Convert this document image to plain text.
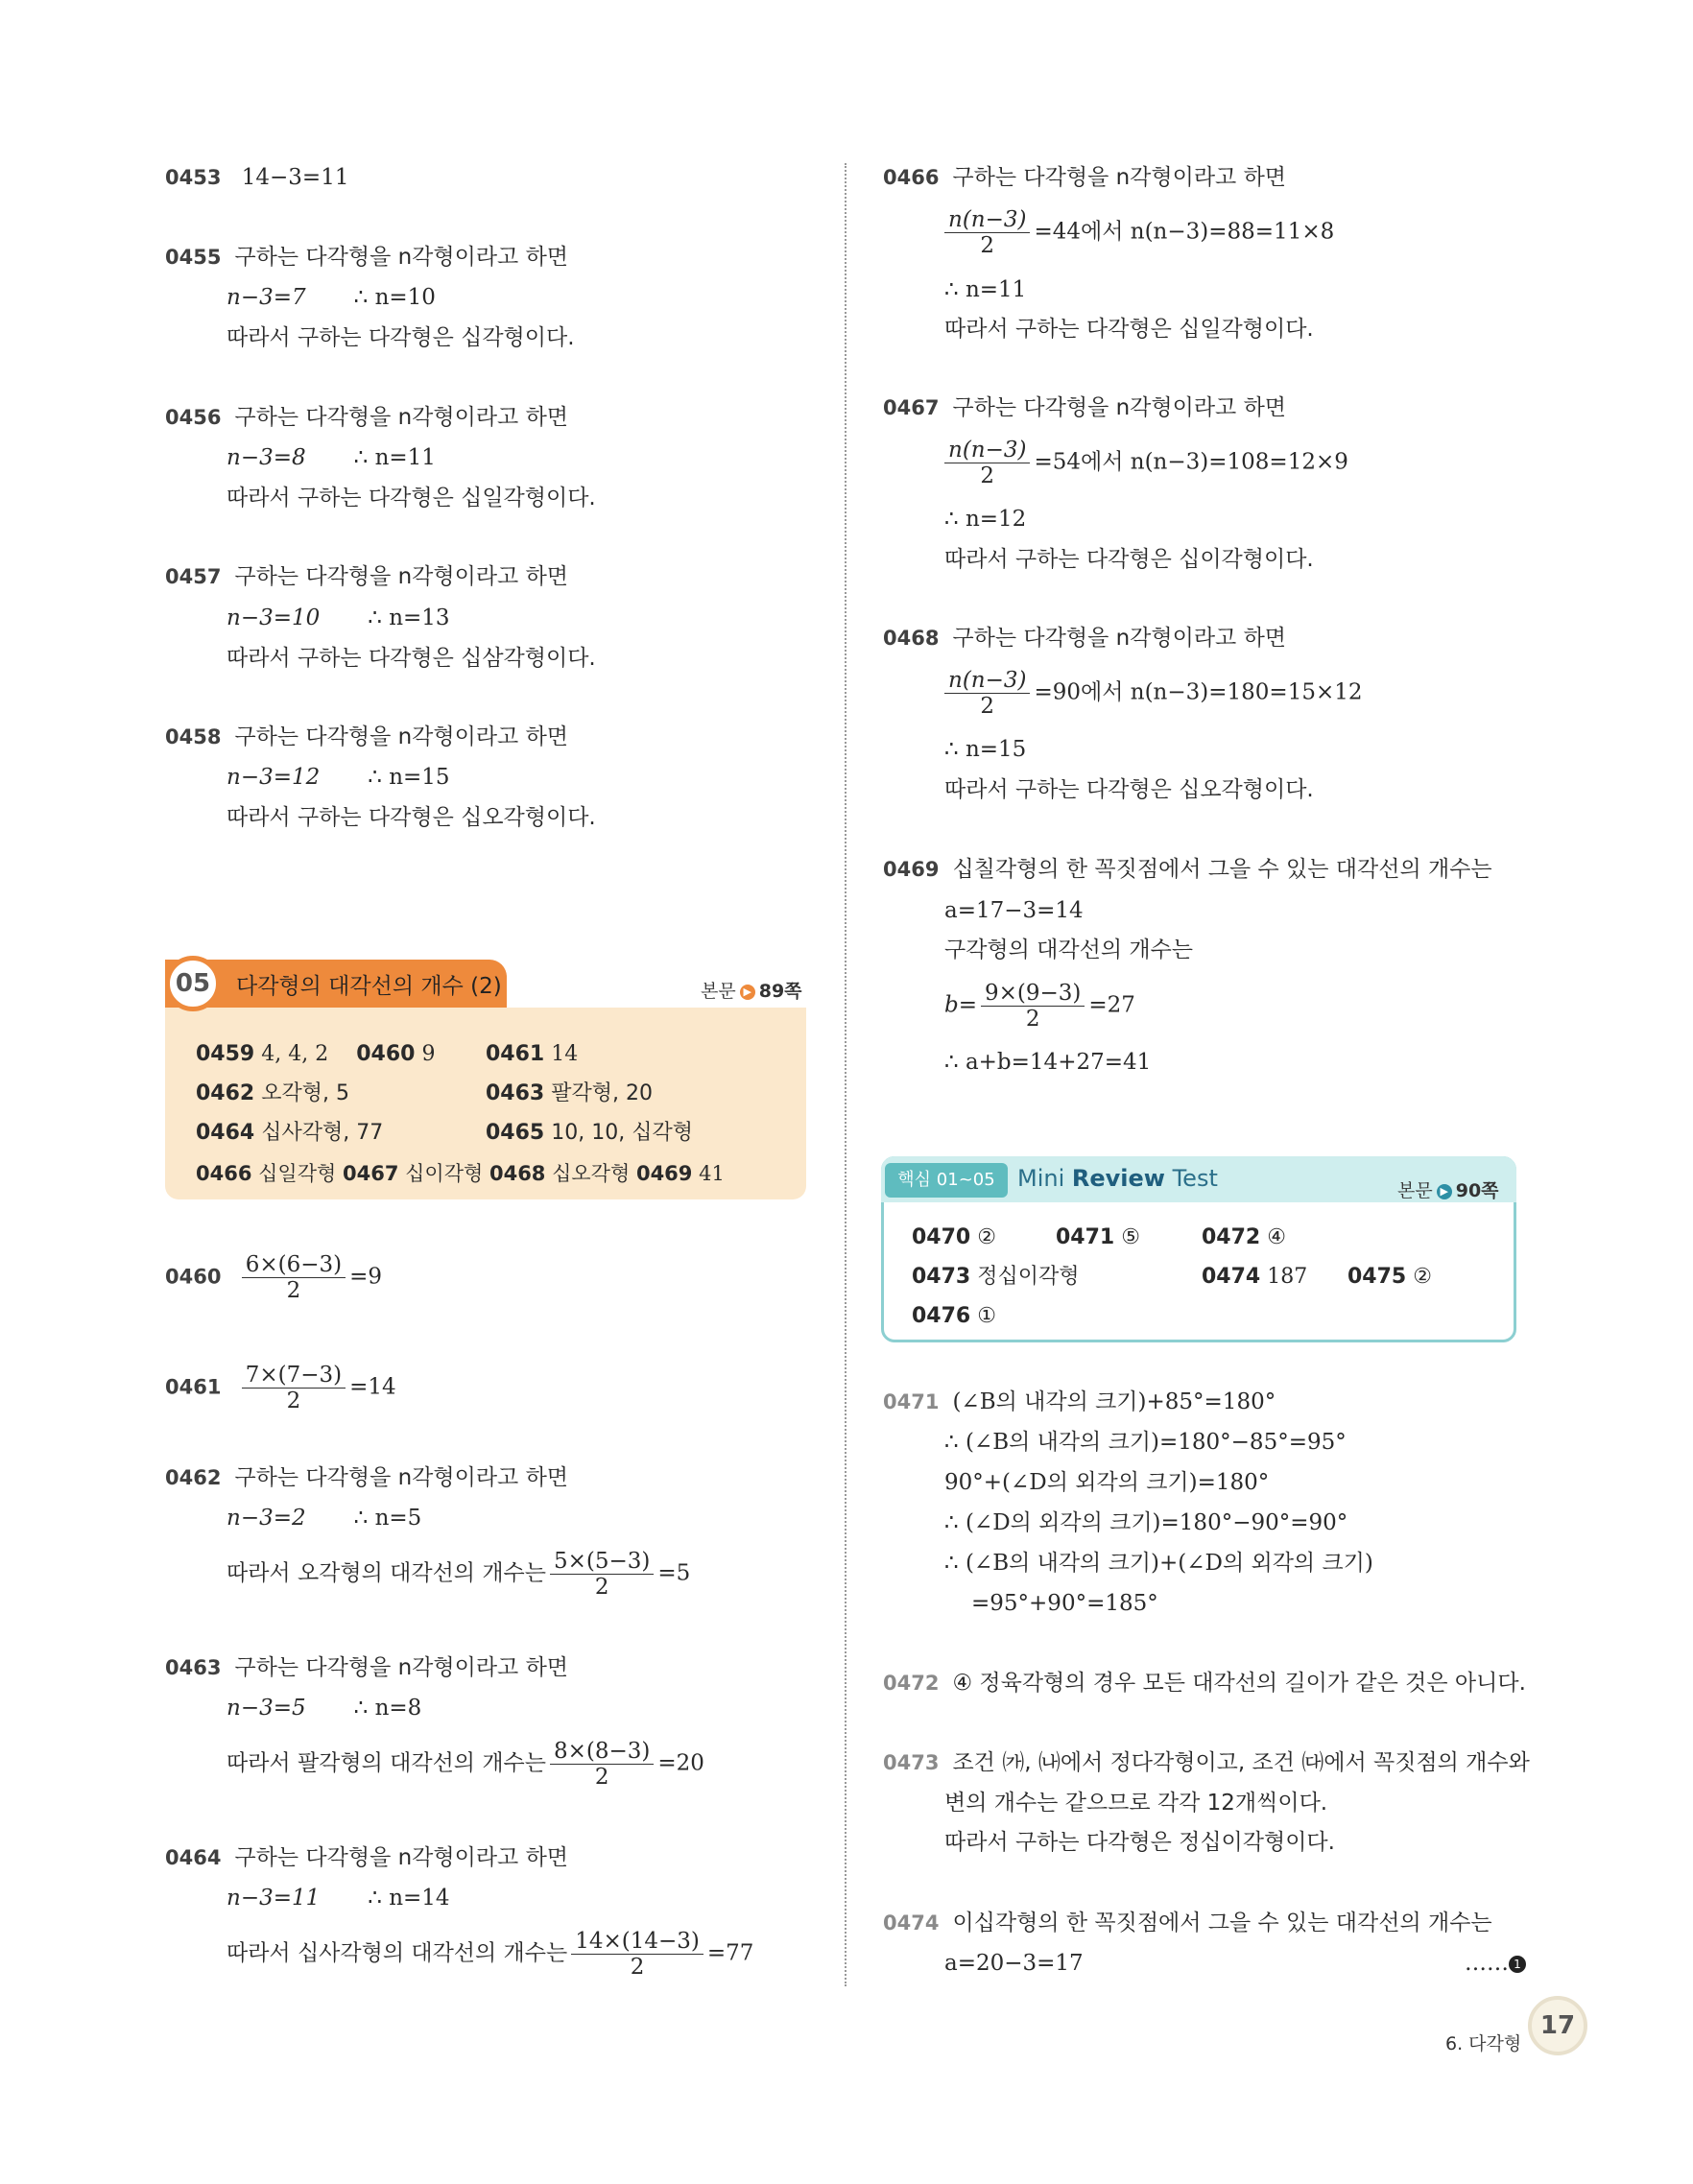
0453 14−3=11
0455 구하는 다각형을 n각형이라고 하면
n−3=7 ∴ n=10
따라서 구하는 다각형은 십각형이다.
0456 구하는 다각형을 n각형이라고 하면
n−3=8 ∴ n=11
따라서 구하는 다각형은 십일각형이다.
0457 구하는 다각형을 n각형이라고 하면
n−3=10 ∴ n=13
따라서 구하는 다각형은 십삼각형이다.
0458 구하는 다각형을 n각형이라고 하면
n−3=12 ∴ n=15
따라서 구하는 다각형은 십오각형이다.
05	다각형의 대각선의 개수 (2)	본문 ▶ 89쪽
0459 4, 4, 2 0460 9 0461 14
0462 오각형, 5	0463 팔각형, 20
0464 십사각형, 77	0465 10, 10, 십각형
0466 십일각형 0467 십이각형 0468 십오각형 0469 41
$0460 \frac{6\times(6-3)}{2} =9$
$0461 \frac{7\times(7-3)}{2} =14$
0462 구하는 다각형을 n각형이라고 하면
n−3=2 ∴ n=5
따라서 오각형의 대각선의 개수는 $\frac{5\times(5-3)}{2} =5$
0463 구하는 다각형을 n각형이라고 하면
n−3=5 ∴ n=8
따라서 팔각형의 대각선의 개수는 $\frac{8\times(8-3)}{2} =20$
0464 구하는 다각형을 n각형이라고 하면
n−3=11 ∴ n=14
따라서 십사각형의 대각선의 개수는 $\frac{14\times(14-3)}{2} =77$
0466 구하는 다각형을 n각형이라고 하면
$\frac{n(n-3)}{2} =44$에서 n(n−3)=88=11×8
∴ n=11
따라서 구하는 다각형은 십일각형이다.
0467 구하는 다각형을 n각형이라고 하면
$\frac{n(n-3)}{2} =54$에서 n(n−3)=108=12×9
∴ n=12
따라서 구하는 다각형은 십이각형이다.
0468 구하는 다각형을 n각형이라고 하면
$\frac{n(n-3)}{2} =90$에서 n(n−3)=180=15×12
∴ n=15
따라서 구하는 다각형은 십오각형이다.
0469 십칠각형의 한 꼭짓점에서 그을 수 있는 대각선의 개수는
a=17−3=14
구각형의 대각선의 개수는
$b= \frac{9\times(9-3)}{2} =27$
∴ a+b=14+27=41
핵심 01~05 Mini Review Test	본문 ▶ 90쪽
0470 ②	0471 ⑤	0472 ④
0473 정십이각형	0474 187 0475 ②
0476 ①
0471 (∠B의 내각의 크기)+85°=180°
∴ (∠B의 내각의 크기)=180°−85°=95°
90°+(∠D의 외각의 크기)=180°
∴ (∠D의 외각의 크기)=180°−90°=90°
∴ (∠B의 내각의 크기)+(∠D의 외각의 크기)
=95°+90°=185°
0472 ④ 정육각형의 경우 모든 대각선의 길이가 같은 것은 아니다.
0473 조건 ㈎, ㈏에서 정다각형이고, 조건 ㈐에서 꼭짓점의 개수와
변의 개수는 같으므로 각각 12개씩이다.
따라서 구하는 다각형은 정십이각형이다.
0474 이십각형의 한 꼭짓점에서 그을 수 있는 대각선의 개수는
a=20−3=17	…… 1
6. 다각형
17
